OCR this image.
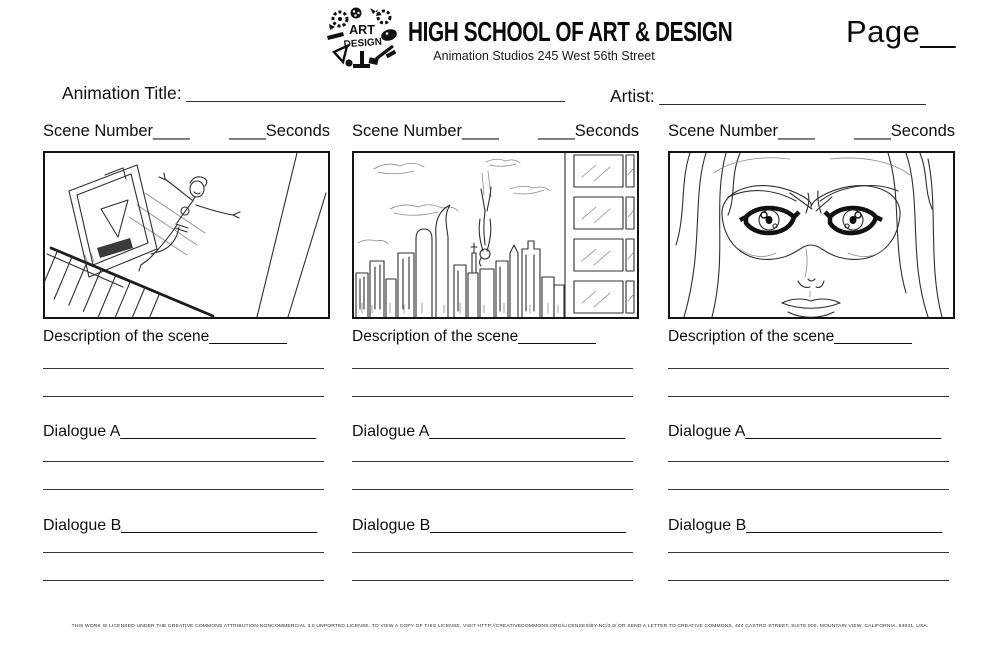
ART
DESIGN HIGH SCHOOL OF ART & DESIGN
Animation Studios 245 West 56th Street
Page__
Animation Title:	Artist:
Scene Number____ ____Seconds
Description of the scene_________
Dialogue A______________________
Dialogue B______________________
Scene Number____ ____Seconds
Description of the scene_________
Dialogue A______________________
Dialogue B______________________
Scene Number____ ____Seconds
Description of the scene_________
Dialogue A______________________
Dialogue B______________________
THIS WORK IS LICENSED UNDER THE CREATIVE COMMONS ATTRIBUTION-NONCOMMERCIAL 3.0 UNPORTED LICENSE. TO VIEW A COPY OF THIS LICENSE, VISIT HTTP://CREATIVECOMMONS.ORG/LICENSES/BY-NC/3.0/ OR SEND A LETTER TO CREATIVE COMMONS, 444 CASTRO STREET, SUITE 900, MOUNTAIN VIEW, CALIFORNIA, 94041, USA.
